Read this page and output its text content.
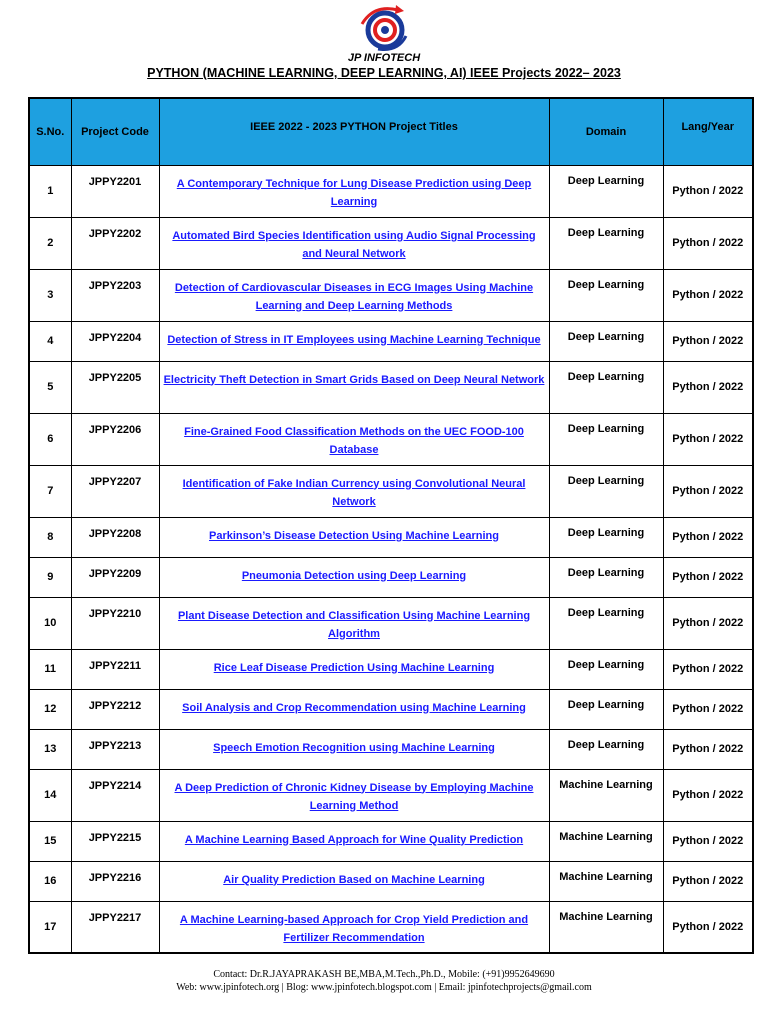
JP INFOTECH
PYTHON (MACHINE LEARNING, DEEP LEARNING, AI) IEEE Projects 2022– 2023
S.No.	Project Code	IEEE 2022 - 2023 PYTHON Project Titles	Domain	Lang/Year
1	JPPY2201	A Contemporary Technique for Lung Disease Prediction using Deep Learning	Deep Learning	Python / 2022
2	JPPY2202	Automated Bird Species Identification using Audio Signal Processing and Neural Network	Deep Learning	Python / 2022
3	JPPY2203	Detection of Cardiovascular Diseases in ECG Images Using Machine Learning and Deep Learning Methods	Deep Learning	Python / 2022
4	JPPY2204	Detection of Stress in IT Employees using Machine Learning Technique	Deep Learning	Python / 2022
5	JPPY2205	Electricity Theft Detection in Smart Grids Based on Deep Neural Network	Deep Learning	Python / 2022
6	JPPY2206	Fine-Grained Food Classification Methods on the UEC FOOD-100 Database	Deep Learning	Python / 2022
7	JPPY2207	Identification of Fake Indian Currency using Convolutional Neural Network	Deep Learning	Python / 2022
8	JPPY2208	Parkinson’s Disease Detection Using Machine Learning	Deep Learning	Python / 2022
9	JPPY2209	Pneumonia Detection using Deep Learning	Deep Learning	Python / 2022
10	JPPY2210	Plant Disease Detection and Classification Using Machine Learning Algorithm	Deep Learning	Python / 2022
11	JPPY2211	Rice Leaf Disease Prediction Using Machine Learning	Deep Learning	Python / 2022
12	JPPY2212	Soil Analysis and Crop Recommendation using Machine Learning	Deep Learning	Python / 2022
13	JPPY2213	Speech Emotion Recognition using Machine Learning	Deep Learning	Python / 2022
14	JPPY2214	A Deep Prediction of Chronic Kidney Disease by Employing Machine Learning Method	Machine Learning	Python / 2022
15	JPPY2215	A Machine Learning Based Approach for Wine Quality Prediction	Machine Learning	Python / 2022
16	JPPY2216	Air Quality Prediction Based on Machine Learning	Machine Learning	Python / 2022
17	JPPY2217	A Machine Learning-based Approach for Crop Yield Prediction and Fertilizer Recommendation	Machine Learning	Python / 2022
Contact: Dr.R.JAYAPRAKASH BE,MBA,M.Tech.,Ph.D., Mobile: (+91)9952649690
Web: www.jpinfotech.org | Blog: www.jpinfotech.blogspot.com | Email: jpinfotechprojects@gmail.com
